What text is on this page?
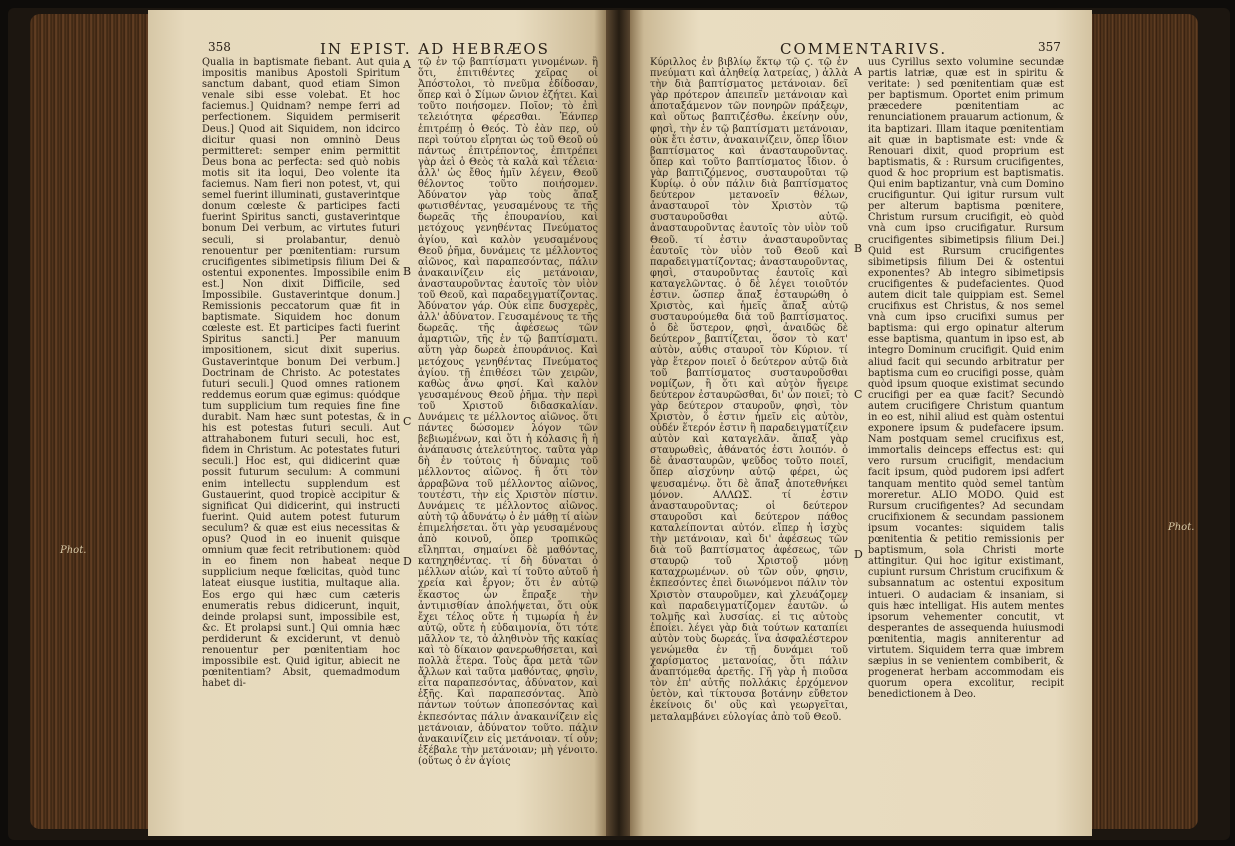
358	IN EPIST. AD HEBRÆOS

Qualia in baptismate fiebant. Aut quia impositis manibus Apostoli Spiritum sanctum dabant, quod etiam Simon venale sibi esse volebat. Et hoc faciemus.] Quidnam? nempe ferri ad perfectionem. Siquidem permiserit Deus.] Quod ait Siquidem, non idcirco dicitur quasi non omninò Deus permitteret: semper enim permittit Deus bona ac perfecta: sed quò nobis motis sit ita loqui, Deo volente ita faciemus. Nam fieri non potest, vt, qui semel fuerint illuminati, gustaverintque donum cœleste & participes facti fuerint Spiritus sancti, gustaverintque bonum Dei verbum, ac virtutes futuri seculi, si prolabantur, denuò renouentur per pœnitentiam: rursum crucifigentes sibimetipsis filium Dei & ostentui exponentes. Impossibile enim est.] Non dixit Difficile, sed Impossibile. Gustaverintque donum.] Remissionis peccatorum quæ fit in baptismate. Siquidem hoc donum cœleste est. Et participes facti fuerint Spiritus sancti.] Per manuum impositionem, sicut dixit superius. Gustaverintque bonum Dei verbum.] Doctrinam de Christo. Ac potestates futuri seculi.] Quod omnes rationem reddemus eorum quæ egimus: quódque tum supplicium tum requies fine fine durabit. Nam hæc sunt potestas, & in his est potestas futuri seculi. Aut attrahabonem futuri seculi, hoc est, fidem in Christum. Ac potestates futuri seculi.] Hoc est, qui didicerint quæ possit futurum seculum: A communi enim intellectu supplendum est Gustauerint, quod tropicè accipitur & significat Qui didicerint, qui instructi fuerint. Quid autem potest futurum seculum? & quæ est eius necessitas & opus? Quod in eo inuenit quisque omnium quæ fecit retributionem: quòd in eo finem non habeat neque supplicium neque fœlicitas, quòd tunc lateat eiusque iustitia, multaque alia. Eos ergo qui hæc cum cæteris enumeratis rebus didicerunt, inquit, deinde prolapsi sunt, impossibile est, &c. Et prolapsi sunt.] Qui omnia hæc perdiderunt & exciderunt, vt denuò renouentur per pœnitentiam hoc impossibile est. Quid igitur, abiecit ne pœnitentiam? Absit, quemadmodum habet di-

A
B
C
D

τῷ ἐν τῷ βαπτίσματι γινομένων. ἢ ὅτι, ἐπιτιθέντες χεῖρας οἱ Ἀπόστολοι, τὸ πνεῦμα ἐδίδοσαν, ὅπερ καὶ ὁ Σίμων ὤνιον ἐζήτει. Καὶ τοῦτο ποιήσομεν. Ποῖον; τὸ ἐπὶ τελειότητα φέρεσθαι. Ἐάνπερ ἐπιτρέπῃ ὁ Θεός. Τὸ ἐὰν περ, οὐ περὶ τούτου εἴρηται ὡς τοῦ Θεοῦ οὐ πάντως ἐπιτρέποντος, ἐπιτρέπει γὰρ ἀεὶ ὁ Θεὸς τὰ καλὰ καὶ τέλεια· ἀλλ' ὡς ἔθος ἡμῖν λέγειν, Θεοῦ θέλοντος τοῦτο ποιήσομεν. Ἀδύνατον γὰρ τοὺς ἅπαξ φωτισθέντας, γευσαμένους τε τῆς δωρεᾶς τῆς ἐπουρανίου, καὶ μετόχους γενηθέντας Πνεύματος ἁγίου, καὶ καλὸν γευσαμένους Θεοῦ ῥῆμα, δυνάμεις τε μέλλοντος αἰῶνος, καὶ παραπεσόντας, πάλιν ἀνακαινίζειν εἰς μετάνοιαν, ἀνασταυροῦντας ἑαυτοῖς τὸν υἱὸν τοῦ Θεοῦ, καὶ παραδειγματίζοντας. Ἀδύνατον γάρ. Οὐκ εἶπε δυσχερὲς, ἀλλ' ἀδύνατον. Γευσαμένους τε τῆς δωρεᾶς. τῆς ἀφέσεως τῶν ἁμαρτιῶν, τῆς ἐν τῷ βαπτίσματι. αὕτη γὰρ δωρεὰ ἐπουράνιος. Καὶ μετόχους γενηθέντας Πνεύματος ἁγίου. τῇ ἐπιθέσει τῶν χειρῶν, καθὼς ἄνω φησί. Καὶ καλὸν γευσαμένους Θεοῦ ῥῆμα. τὴν περὶ τοῦ Χριστοῦ διδασκαλίαν. Δυνάμεις τε μέλλοντος αἰῶνος. ὅτι πάντες δώσομεν λόγον τῶν βεβιωμένων, καὶ ὅτι ἡ κόλασις ἢ ἡ ἀνάπαυσις ἀτελεύτητος. ταῦτα γὰρ δὴ ἐν τούτοις ἡ δύναμις τοῦ μέλλοντος αἰῶνος. ἢ ὅτι τὸν ἀρραβῶνα τοῦ μέλλοντος αἰῶνος, τουτέστι, τὴν εἰς Χριστὸν πίστιν. Δυνάμεις τε μέλλοντος αἰῶνος. αὐτὴ τῷ ἀδυνάτῳ ὁ ἐν μάθῃ τί αἰὼν ἐπιμελήσεται. ὅτι γὰρ γευσαμένους ἀπὸ κοινοῦ, ὅπερ τροπικῶς εἴληπται, σημαίνει δὲ μαθόντας, κατηχηθέντας. τί δὴ δύναται ὁ μέλλων αἰών, καὶ τί τοῦτο αὐτοῦ ἡ χρεία καὶ ἔργον; ὅτι ἐν αὐτῷ ἕκαστος ὧν ἔπραξε τὴν ἀντιμισθίαν ἀπολήψεται, ὅτι οὐκ ἔχει τέλος οὔτε ἡ τιμωρία ἡ ἐν αὐτῷ, οὔτε ἡ εὐδαιμονία, ὅτι τότε μᾶλλον τε, τὸ ἀληθινὸν τῆς κακίας καὶ τὸ δίκαιον φανερωθήσεται, καὶ πολλὰ ἕτερα. Τοὺς ἄρα μετὰ τῶν ἄλλων καὶ ταῦτα μαθόντας, φησὶν, εἶτα παραπεσόντας, ἀδύνατον, καὶ ἑξῆς. Καὶ παραπεσόντας. Ἀπὸ πάντων τούτων ἀποπεσόντας καὶ ἐκπεσόντας πάλιν ἀνακαινίζειν εἰς μετάνοιαν, ἀδύνατον τοῦτο. πάλιν ἀνακαινίζειν εἰς μετάνοιαν. τί οὖν; ἐξέβαλε τὴν μετάνοιαν; μὴ γένοιτο. (οὕτως ὁ ἐν ἁγίοις

COMMENTARIVS.	357

Κύριλλος ἐν βιβλίῳ ἕκτῳ τῷ ϛ. τῷ ἐν πνεύματι καὶ ἀληθείᾳ λατρείας, ) ἀλλὰ τὴν διὰ βαπτίσματος μετάνοιαν. δεῖ γὰρ πρότερον ἀπειπεῖν μετάνοιαν καὶ ἀποταξάμενον τῶν πονηρῶν πράξεων, καὶ οὕτως βαπτιζέσθω. ἐκείνην οὖν, φησὶ, τὴν ἐν τῷ βαπτίσματι μετάνοιαν, οὐκ ἔτι ἐστιν, ἀνακαινίζειν, ὅπερ ἴδιον βαπτίσματος καὶ ἀνασταυροῦντας. ὅπερ καὶ τοῦτο βαπτίσματος ἴδιον. ὁ γὰρ βαπτιζόμενος, συσταυροῦται τῷ Κυρίῳ. ὁ οὖν πάλιν διὰ βαπτίσματος δεύτερον μετανοεῖν θέλων, ἀνασταυροῖ τὸν Χριστὸν τῷ συσταυροῦσθαι αὐτῷ. ἀνασταυροῦντας ἑαυτοῖς τὸν υἱὸν τοῦ Θεοῦ. τί ἐστιν ἀνασταυροῦντας ἑαυτοῖς τὸν υἱὸν τοῦ Θεοῦ καὶ παραδειγματίζοντας; ἀνασταυροῦντας, φησὶ, σταυροῦντας ἑαυτοῖς καὶ καταγελῶντας. ὁ δὲ λέγει τοιοῦτόν ἐστιν. ὥσπερ ἅπαξ ἐσταυρώθη ὁ Χριστὸς, καὶ ἡμεῖς ἅπαξ αὐτῷ συσταυρούμεθα διὰ τοῦ βαπτίσματος. ὁ δὲ ὕστερον, φησὶ, ἀναιδῶς δὲ δεύτερον βαπτίζεται, ὅσον τὸ κατ' αὐτὸν, αὖθις σταυροῖ τὸν Κύριον. τί γὰρ ἕτερον ποιεῖ ὁ δεύτερον αὐτῷ διὰ τοῦ βαπτίσματος συσταυροῦσθαι νομίζων, ἢ ὅτι καὶ αὐτὸν ἤγειρε δεύτερον ἐσταυρῶσθαι, δι' ὧν ποιεῖ; τὸ γὰρ δεύτερον σταυροῦν, φησὶ, τὸν Χριστὸν, ὅ ἐστιν ἡμεῖν εἰς αὐτὸν, οὐδέν ἕτερόν ἐστιν ἢ παραδειγματίζειν αὐτὸν καὶ καταγελᾶν. ἅπαξ γὰρ σταυρωθεὶς, ἀθάνατός ἐστι λοιπόν. ὁ δὲ ἀνασταυρῶν, ψεῦδος τοῦτο ποιεῖ, ὅπερ αἰσχύνην αὐτῷ φέρει, ὡς ψευσαμένῳ. ὅτι δὲ ἅπαξ ἀποτεθνήκει μόνον. ΑΛΛΩΣ. τί ἐστιν ἀνασταυροῦντας; οἱ δεύτερον σταυροῦσι καὶ δεύτερον πάθος καταλείπονται αὐτόν. εἴπερ ἡ ἰσχὺς τὴν μετάνοιαν, καὶ δι' ἀφέσεως τῶν διὰ τοῦ βαπτίσματος ἀφέσεως, τῶν σταυρῷ τοῦ Χριστοῦ μόνῃ καταχρωμένων. οὐ τῶν οὖν, φησιν, ἐκπεσόντες ἐπεὶ διωνόμενοι πάλιν τὸν Χριστὸν σταυροῦμεν, καὶ χλευάζομεν καὶ παραδειγματίζομεν ἑαυτῶν. ὦ τολμῆς καὶ λυσσίας. εἰ τις αὐτοὺς ἐποίει. λέγει γὰρ διὰ τούτων καταπίει αὐτὸν τοὺς δωρεάς. ἵνα ἀσφαλέστερον γενώμεθα ἐν τῇ δυνάμει τοῦ χαρίσματος μετανοίας, ὅτι πάλιν ἀναπτόμεθα ἀρετῆς. Γῆ γὰρ ἡ πιοῦσα τὸν ἐπ' αὐτῆς πολλάκις ἐρχόμενον ὑετὸν, καὶ τίκτουσα βοτάνην εὔθετον ἐκείνοις δι' οὓς καὶ γεωργεῖται, μεταλαμβάνει εὐλογίας ἀπὸ τοῦ Θεοῦ.

A
B
C
D

uus Cyrillus sexto volumine secundæ partis latriæ, quæ est in spiritu & veritate: ) sed pœnitentiam quæ est per baptismum. Oportet enim primum præcedere pœnitentiam ac renunciationem prauarum actionum, & ita baptizari. Illam itaque pœnitentiam ait quæ in baptismate est: vnde & Renouari dixit, quod proprium est baptismatis, & : Rursum crucifigentes, quod & hoc proprium est baptismatis. Qui enim baptizantur, vnà cum Domino crucifiguntur. Qui igitur rursum vult per alterum baptisma pœnitere, Christum rursum crucifigit, eò quòd vnà cum ipso crucifigatur. Rursum crucifigentes sibimetipsis filium Dei.] Quid est Rursum crucifigentes sibimetipsis filium Dei & ostentui exponentes? Ab integro sibimetipsis crucifigentes & pudefacientes. Quod autem dicit tale quippiam est. Semel crucifixus est Christus, & nos semel vnà cum ipso crucifixi sumus per baptisma: qui ergo opinatur alterum esse baptisma, quantum in ipso est, ab integro Dominum crucifigit. Quid enim aliud facit qui secundo arbitratur per baptisma cum eo crucifigi posse, quàm quòd ipsum quoque existimat secundo crucifigi per ea quæ facit? Secundò autem crucifigere Christum quantum in eo est, nihil aliud est quàm ostentui exponere ipsum & pudefacere ipsum. Nam postquam semel crucifixus est, immortalis deinceps effectus est: qui vero rursum crucifigit, mendacium facit ipsum, quòd pudorem ipsi adfert tanquam mentito quòd semel tantùm moreretur. ALIO MODO. Quid est Rursum crucifigentes? Ad secundam crucifixionem & secundam passionem ipsum vocantes: siquidem talis pœnitentia & petitio remissionis per baptismum, sola Christi morte attingitur. Qui hoc igitur existimant, cupiunt rursum Christum crucifixum & subsannatum ac ostentui expositum intueri. O audaciam & insaniam, si quis hæc intelligat. His autem mentes ipsorum vehementer concutit, vt desperantes de assequenda huiusmodi pœnitentia, magis anniterentur ad virtutem. Siquidem terra quæ imbrem sæpius in se venientem combiberit, & progenerat herbam accommodam eis quorum opera excolitur, recipit benedictionem à Deo.

Phot.
Phot.
